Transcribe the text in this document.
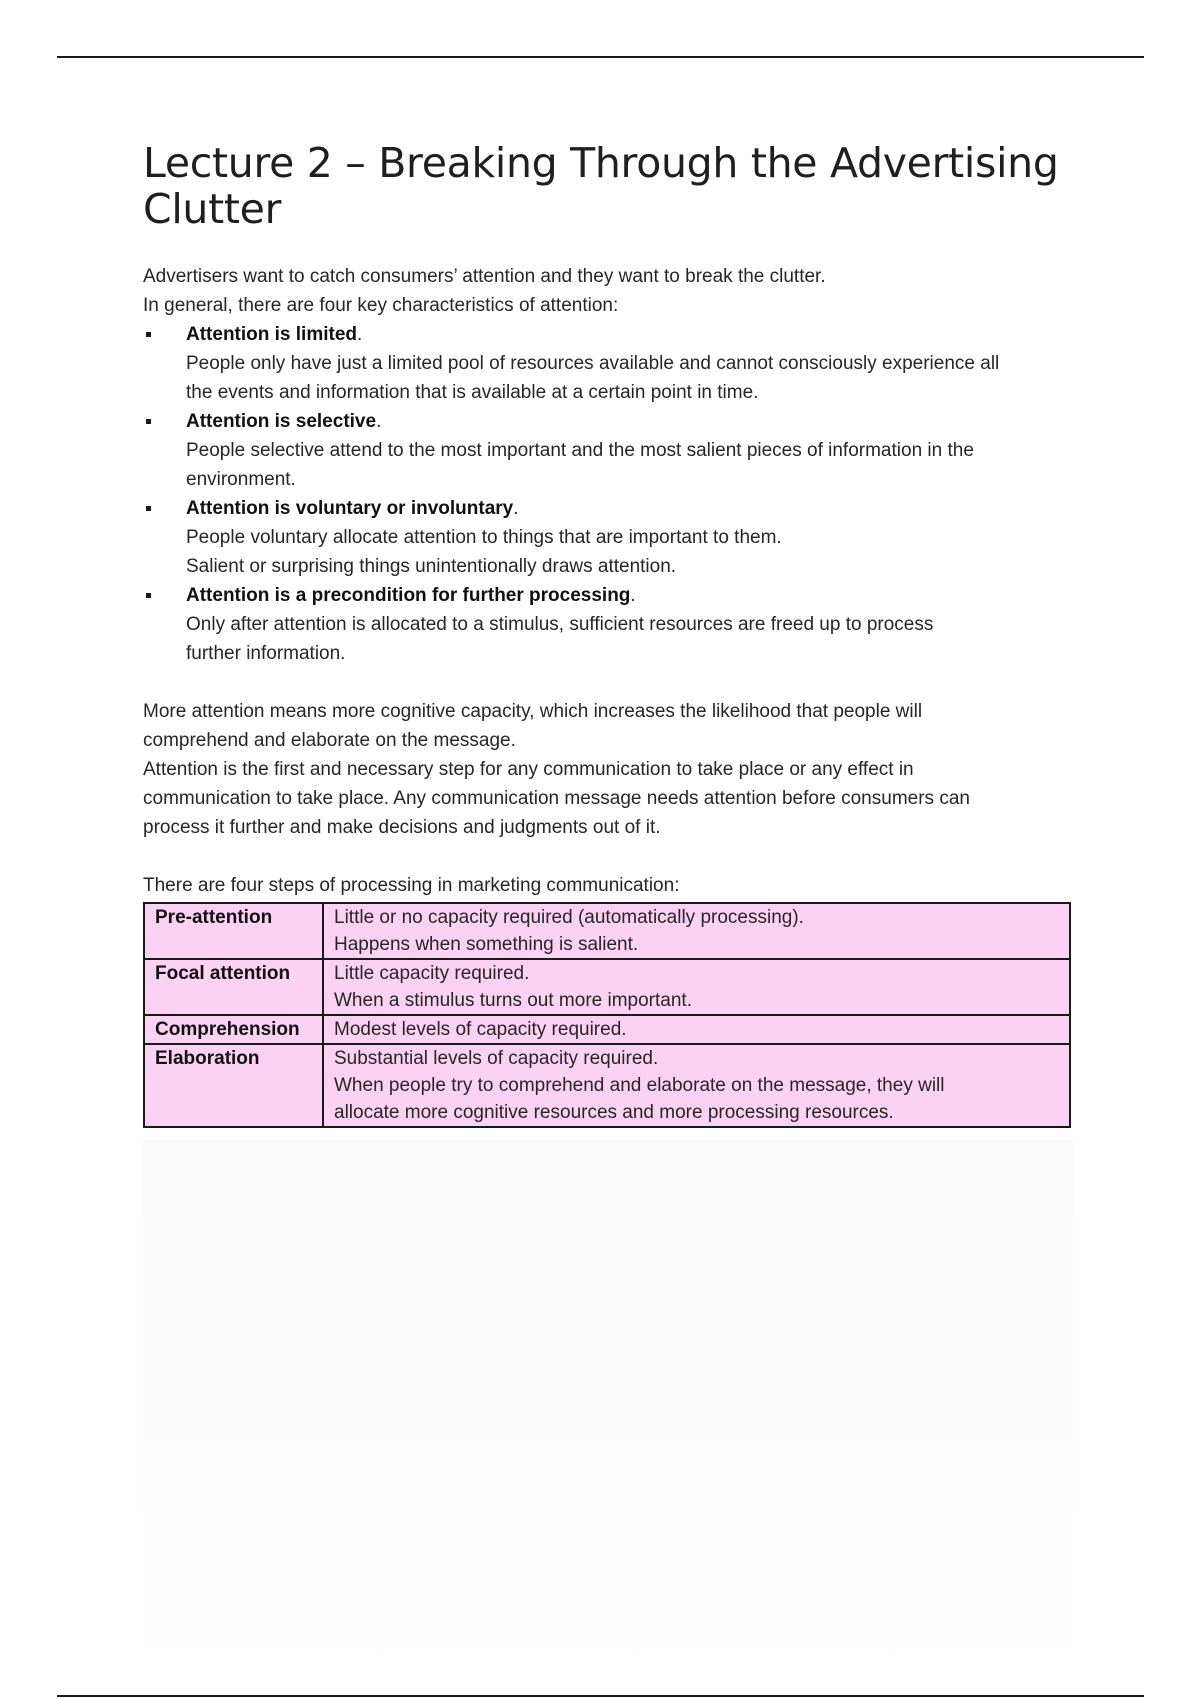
Lecture 2 – Breaking Through the Advertising Clutter

Advertisers want to catch consumers’ attention and they want to break the clutter.

In general, there are four key characteristics of attention:

Attention is limited.
People only have just a limited pool of resources available and cannot consciously experience all
the events and information that is available at a certain point in time.
Attention is selective.
People selective attend to the most important and the most salient pieces of information in the
environment.
Attention is voluntary or involuntary.
People voluntary allocate attention to things that are important to them.
Salient or surprising things unintentionally draws attention.
Attention is a precondition for further processing.
Only after attention is allocated to a stimulus, sufficient resources are freed up to process
further information.

More attention means more cognitive capacity, which increases the likelihood that people will

comprehend and elaborate on the message.

Attention is the first and necessary step for any communication to take place or any effect in

communication to take place. Any communication message needs attention before consumers can

process it further and make decisions and judgments out of it.

There are four steps of processing in marketing communication:

Pre-attention	Little or no capacity required (automatically processing).
Happens when something is salient.

Focal attention	Little capacity required.
When a stimulus turns out more important.

Comprehension	Modest levels of capacity required.

Elaboration	Substantial levels of capacity required.
When people try to comprehend and elaborate on the message, they will
allocate more cognitive resources and more processing resources.
